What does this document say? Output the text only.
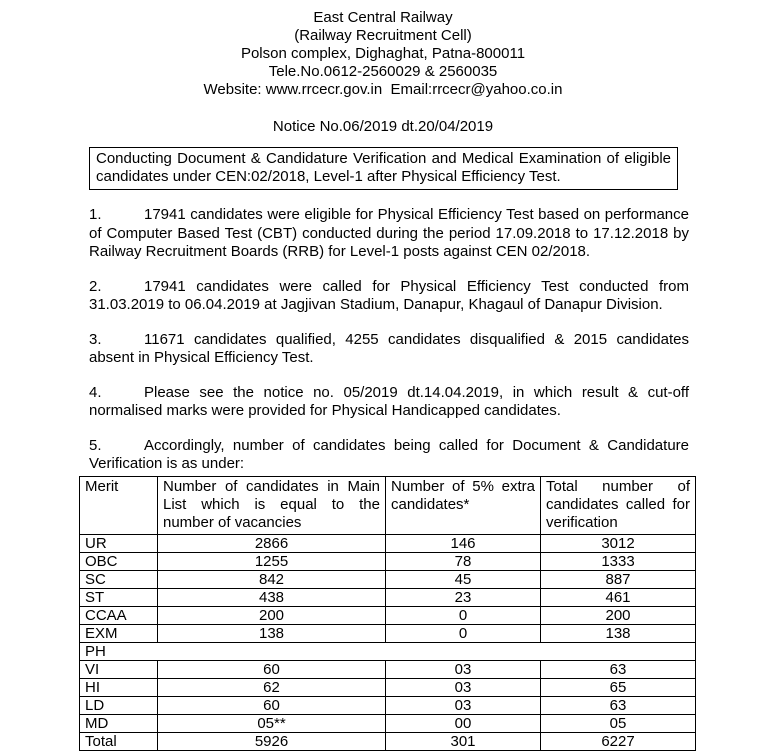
East Central Railway
(Railway Recruitment Cell)
Polson complex, Dighaghat, Patna-800011
Tele.No.0612-2560029 & 2560035
Website: www.rrcecr.gov.in  Email:rrcecr@yahoo.co.in
Notice No.06/2019 dt.20/04/2019
Conducting Document & Candidature Verification and Medical Examination of eligible candidates under CEN:02/2018, Level-1 after Physical Efficiency Test.
1.	17941 candidates were eligible for Physical Efficiency Test based on performance of Computer Based Test (CBT) conducted during the period 17.09.2018 to 17.12.2018 by Railway Recruitment Boards (RRB) for Level-1 posts against CEN 02/2018.
2.	17941 candidates were called for Physical Efficiency Test conducted from 31.03.2019 to 06.04.2019 at Jagjivan Stadium, Danapur, Khagaul of Danapur Division.
3.	11671 candidates qualified, 4255 candidates disqualified & 2015 candidates absent in Physical Efficiency Test.
4.	Please see the notice no. 05/2019 dt.14.04.2019, in which result & cut-off normalised marks were provided for Physical Handicapped candidates.
5.	Accordingly, number of candidates being called for Document & Candidature Verification is as under:
Merit	Number of candidates in Main List which is equal to the number of vacancies	Number of 5% extra candidates*	Total number of candidates called for verification
UR	2866	146	3012
OBC	1255	78	1333
SC	842	45	887
ST	438	23	461
CCAA	200	0	200
EXM	138	0	138
PH			
VI	60	03	63
HI	62	03	65
LD	60	03	63
MD	05**	00	05
Total	5926	301	6227
